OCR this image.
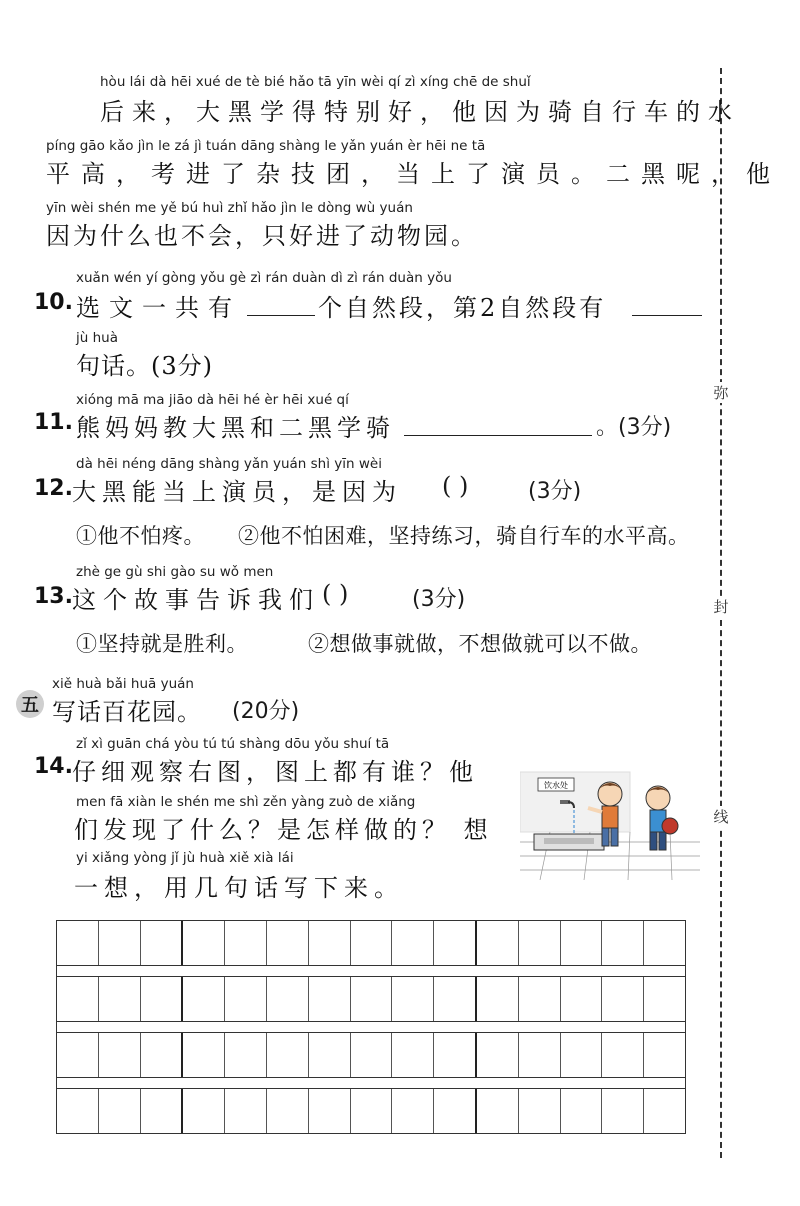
弥
封
线
hòu lái dà hēi xué de tè bié hǎo tā yīn wèi qí zì xíng chē de shuǐ
后来，大黑学得特别好，他因为骑自行车的水
píng gāo kǎo jìn le zá jì tuán dāng shàng le yǎn yuán èr hēi ne tā
平高，考进了杂技团，当上了演员。二黑呢，他
yīn wèi shén me yě bú huì zhǐ hǎo jìn le dòng wù yuán
因为什么也不会，只好进了动物园。
xuǎn wén yí gòng yǒu gè zì rán duàn dì zì rán duàn yǒu
10. 选文一共有	个自然段，第2自然段有
jù huà
句话。(3分)
xióng mā ma jiāo dà hēi hé èr hēi xué qí
11. 熊妈妈教大黑和二黑学骑	。(3分)
dà hēi néng dāng shàng yǎn yuán shì yīn wèi
12. 大黑能当上演员，是因为 ( )	(3分)
①他不怕疼。 ②他不怕困难，坚持练习，骑自行车的水平高。
zhè ge gù shi gào su wǒ men
13. 这个故事告诉我们 ( )	(3分)
①坚持就是胜利。	②想做事就做，不想做就可以不做。
xiě huà bǎi huā yuán
五 写话百花园。 (20分)
zǐ xì guān chá yòu tú tú shàng dōu yǒu shuí tā
14. 仔细观察右图，图上都有谁？他
men fā xiàn le shén me shì zěn yàng zuò de xiǎng
们发现了什么？是怎样做的？ 想
yi xiǎng yòng jǐ jù huà xiě xià lái
一想，用几句话写下来。
饮水处
